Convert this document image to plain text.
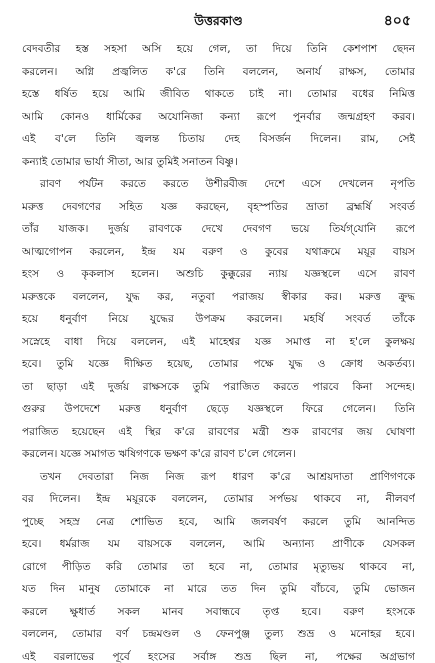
উত্তরকাণ্ড	৪০৫
বেদবতীর হস্ত সহসা অসি হয়ে গেল, তা দিয়ে তিনি কেশপাশ ছেদন
করলেন। অগ্নি প্রজ্বলিত ক'রে তিনি বললেন, অনার্য রাক্ষস, তোমার
হস্তে ধর্ষিত হয়ে আমি জীবিত থাকতে চাই না। তোমার বধের নিমিত্ত
আমি কোনও ধার্মিকের অযোনিজা কন্যা রূপে পুনর্বার জন্মগ্রহণ করব।
এই ব'লে তিনি জ্বলন্ত চিতায় দেহ বিসর্জন দিলেন। রাম, সেই
কন্যাই তোমার ভার্যা সীতা, আর তুমিই সনাতন বিষ্ণু।
রাবণ পর্যটন করতে করতে উশীরবীজ দেশে এসে দেখলেন নৃপতি
মরুত্ত দেবগণের সহিত যজ্ঞ করছেন, বৃহস্পতির ভ্রাতা ব্রহ্মর্ষি সংবর্ত
তাঁর যাজক। দুর্জয় রাবণকে দেখে দেবগণ ভয়ে তির্যগ্‌যোনি রূপে
আত্মগোপন করলেন, ইন্দ্র যম বরুণ ও কুবের যথাক্রমে ময়ূর বায়স
হংস ও কৃকলাস হলেন। অশুচি কুক্কুরের ন্যায় যজ্ঞস্থলে এসে রাবণ
মরুত্তকে বললেন, যুদ্ধ কর, নতুবা পরাজয় স্বীকার কর। মরুত্ত ক্রুদ্ধ
হয়ে ধনুর্বাণ নিয়ে যুদ্ধের উপক্রম করলেন। মহর্ষি সংবর্ত তাঁকে
সস্নেহে বাধা দিয়ে বললেন, এই মাহেশ্বর যজ্ঞ সমাপ্ত না হ'লে কুলক্ষয়
হবে। তুমি যজ্ঞে দীক্ষিত হয়েছ, তোমার পক্ষে যুদ্ধ ও ক্রোধ অকর্তব্য।
তা ছাড়া এই দুর্জয় রাক্ষসকে তুমি পরাজিত করতে পারবে কিনা সন্দেহ।
গুরুর উপদেশে মরুত্ত ধনুর্বাণ ছেড়ে যজ্ঞস্থলে ফিরে গেলেন। তিনি
পরাজিত হয়েছেন এই স্থির ক'রে রাবণের মন্ত্রী শুক রাবণের জয় ঘোষণা
করলেন। যজ্ঞে সমাগত ঋষিগণকে ভক্ষণ ক'রে রাবণ চ'লে গেলেন।
তখন দেবতারা নিজ নিজ রূপ ধারণ ক'রে আশ্রয়দাতা প্রাণিগণকে
বর দিলেন। ইন্দ্র ময়ূরকে বললেন, তোমার সর্পভয় থাকবে না, নীলবর্ণ
পুচ্ছে সহস্র নেত্র শোভিত হবে, আমি জলবর্ষণ করলে তুমি আনন্দিত
হবে। ধর্মরাজ যম বায়সকে বললেন, আমি অন্যান্য প্রাণীকে যেসকল
রোগে পীড়িত করি তোমার তা হবে না, তোমার মৃত্যুভয় থাকবে না,
যত দিন মানুষ তোমাকে না মারে তত দিন তুমি বাঁচবে, তুমি ভোজন
করলে ক্ষুধার্ত সকল মানব সবান্ধবে তৃপ্ত হবে। বরুণ হংসকে
বললেন, তোমার বর্ণ চন্দ্রমণ্ডল ও ফেনপুঞ্জ তুল্য শুভ্র ও মনোহর হবে।
এই বরলাভের পূর্বে হংসের সর্বাঙ্গ শুভ্র ছিল না, পক্ষের অগ্রভাগ
